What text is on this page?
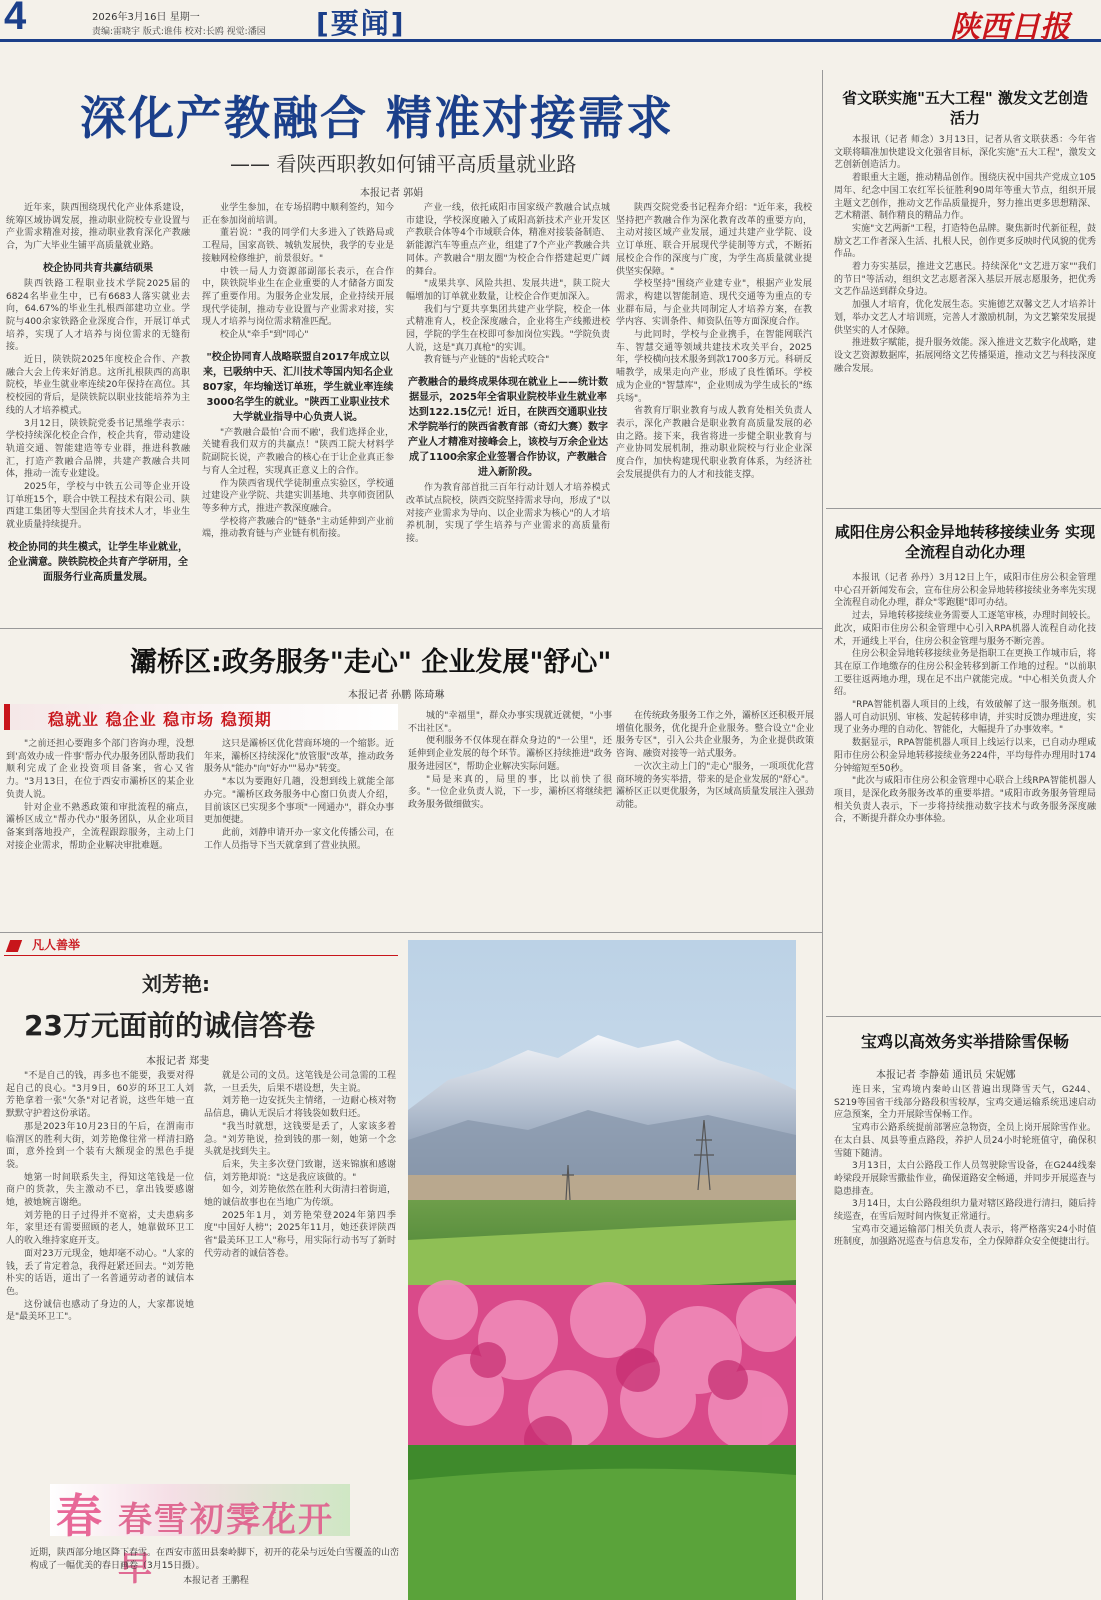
4	2026年3月16日 星期一
责编:雷晓宇 版式:谁伟 校对:长鸥 视觉:潘园 [要闻]	陕西日报
深化产教融合 精准对接需求
—— 看陕西职教如何铺平高质量就业路
本报记者 郭娟

近年来，陕西围绕现代化产业体系建设，统筹区域协调发展，推动职业院校专业设置与产业需求精准对接，推动职业教育深化产教融合，为广大毕业生铺平高质量就业路。

校企协同共育共赢结硕果

陕西铁路工程职业技术学院2025届的6824名毕业生中，已有6683人落实就业去向，64.67%的毕业生扎根西部建功立业。学院与400余家铁路企业深度合作，开展订单式培养，实现了人才培养与岗位需求的无缝衔接。

近日，陕铁院2025年度校企合作、产教融合大会上传来好消息。这所扎根陕西的高职院校，毕业生就业率连续20年保持在高位。其校校园的背后，是陕铁院以职业技能培养为主线的人才培养模式。

3月12日，陕铁院党委书记黑维学表示：学校持续深化校企合作，校企共育，带动建设轨道交通、智能建造等专业群，推进科教融汇，打造产教融合品牌，共建产教融合共同体，推动一流专业建设。

2025年，学校与中铁五公司等企业开设订单班15个，联合中铁工程技术有限公司、陕西建工集团等大型国企共育技术人才，毕业生就业质量持续提升。

校企协同的共生模式，让学生毕业就业，企业满意。陕铁院校企共育产学研用，全面服务行业高质量发展。

业学生参加，在专场招聘中顺利签约，知今正在参加岗前培训。

董岩说："我的同学们大多进入了铁路局或工程局，国家高铁、城轨发展快，我学的专业是接触网检修维护，前景很好。"

中铁一局人力资源部副部长表示，在合作中，陕铁院毕业生在企业重要的人才储备方面发挥了重要作用。为服务企业发展，企业持续开展现代学徒制，推动专业设置与产业需求对接，实现人才培养与岗位需求精准匹配。

校企从"牵手"到"同心"

"校企协同育人战略联盟自2017年成立以来，已吸纳中天、汇川技术等国内知名企业807家，年均输送订单班，学生就业率连续3000名学生的就业。"陕西工业职业技术大学就业指导中心负责人说。

"产教融合最怕'合而不融'，我们选择企业，关键看我们双方的共赢点！"陕西工院大材料学院副院长说，产教融合的核心在于让企业真正参与育人全过程，实现真正意义上的合作。

作为陕西省现代学徒制重点实验区，学校通过建设产业学院、共建实训基地、共享师资团队等多种方式，推进产教深度融合。

学校将产教融合的"链条"主动延伸到产业前端，推动教育链与产业链有机衔接。

产业一线，依托咸阳市国家级产教融合试点城市建设，学校深度融入了咸阳高新技术产业开发区产教联合体等4个市域联合体，精准对接装备制造、新能源汽车等重点产业，组建了7个产业产教融合共同体。产教融合"朋友圈"为校企合作搭建起更广阔的舞台。

"成果共享、风险共担、发展共进"，陕工院大幅增加的订单就业数量，让校企合作更加深入。

我们与宁夏共享集团共建产业学院，校企一体式精准育人，校企深度融合，企业将生产线搬进校园，学院的学生在校即可参加岗位实践。"学院负责人说，这是"真刀真枪"的实训。

教育链与产业链的"齿轮式咬合"

产教融合的最终成果体现在就业上——统计数据显示，2025年全省职业院校毕业生就业率达到122.15亿元！近日，在陕西交通职业技术学院举行的陕西省教育部（奇幻大赛）数字产业人才精准对接峰会上，该校与万余企业达成了1100余家企业签署合作协议，产教融合进入新阶段。

作为教育部首批三百年行动计划人才培养模式改革试点院校，陕西交院坚持需求导向，形成了"以对接产业需求为导向、以企业需求为核心"的人才培养机制，实现了学生培养与产业需求的高质量衔接。

陕西交院党委书记程奔介绍："近年来，我校坚持把产教融合作为深化教育改革的重要方向，主动对接区域产业发展，通过共建产业学院、设立订单班、联合开展现代学徒制等方式，不断拓展校企合作的深度与广度，为学生高质量就业提供坚实保障。"

学校坚持"围绕产业建专业"，根据产业发展需求，构建以智能制造、现代交通等为重点的专业群布局，与企业共同制定人才培养方案，在教学内容、实训条件、师资队伍等方面深度合作。

与此同时，学校与企业携手，在智能网联汽车、智慧交通等领域共建技术攻关平台，2025年，学校横向技术服务到款1700多万元。科研反哺教学，成果走向产业，形成了良性循环。学校成为企业的"智慧库"，企业则成为学生成长的"练兵场"。

省教育厅职业教育与成人教育处相关负责人表示，深化产教融合是职业教育高质量发展的必由之路。接下来，我省将进一步健全职业教育与产业协同发展机制，推动职业院校与行业企业深度合作，加快构建现代职业教育体系，为经济社会发展提供有力的人才和技能支撑。

省文联实施"五大工程" 激发文艺创造活力

本报讯（记者 师念）3月13日，记者从省文联获悉：今年省文联将瞄准加快建设文化强省目标，深化实施"五大工程"，激发文艺创新创造活力。

着眼重大主题，推动精品创作。围绕庆祝中国共产党成立105周年、纪念中国工农红军长征胜利90周年等重大节点，组织开展主题文艺创作，推动文艺作品质量提升，努力推出更多思想精深、艺术精湛、制作精良的精品力作。

实施"文艺两新"工程，打造特色品牌。聚焦新时代新征程，鼓励文艺工作者深入生活、扎根人民，创作更多反映时代风貌的优秀作品。

着力夯实基层，推进文艺惠民。持续深化"文艺进万家""我们的节日"等活动，组织文艺志愿者深入基层开展志愿服务，把优秀文艺作品送到群众身边。

加强人才培育，优化发展生态。实施德艺双馨文艺人才培养计划，举办文艺人才培训班，完善人才激励机制，为文艺繁荣发展提供坚实的人才保障。

推进数字赋能，提升服务效能。深入推进文艺数字化战略，建设文艺资源数据库，拓展网络文艺传播渠道，推动文艺与科技深度融合发展。

咸阳住房公积金异地转移接续业务 实现全流程自动化办理

本报讯（记者 孙丹）3月12日上午，咸阳市住房公积金管理中心召开新闻发布会，宣布住房公积金异地转移接续业务率先实现全流程自动化办理，群众"零跑腿"即可办结。

过去，异地转移接续业务需要人工逐笔审核，办理时间较长。此次，咸阳市住房公积金管理中心引入RPA机器人流程自动化技术，开通线上平台，住房公积金管理与服务不断完善。

住房公积金异地转移接续业务是指职工在更换工作城市后，将其在原工作地缴存的住房公积金转移到新工作地的过程。"以前职工要往返两地办理，现在足不出户就能完成。"中心相关负责人介绍。

"RPA智能机器人项目的上线，有效破解了这一服务瓶颈。机器人可自动识别、审核、发起转移申请，并实时反馈办理进度，实现了业务办理的自动化、智能化，大幅提升了办事效率。"

数据显示，RPA智能机器人项目上线运行以来，已自动办理咸阳市住房公积金异地转移接续业务224件，平均每件办理用时174分钟缩短至50秒。

"此次与咸阳市住房公积金管理中心联合上线RPA智能机器人项目，是深化政务服务改革的重要举措。"咸阳市政务服务管理局相关负责人表示，下一步将持续推动数字技术与政务服务深度融合，不断提升群众办事体验。

宝鸡以高效务实举措除雪保畅
本报记者 李静茹 通讯员 宋妮娜

连日来，宝鸡境内秦岭山区普遍出现降雪天气，G244、S219等国省干线部分路段积雪较厚，宝鸡交通运输系统迅速启动应急预案，全力开展除雪保畅工作。

宝鸡市公路系统提前部署应急物资，全员上岗开展除雪作业。在太白县、凤县等重点路段，养护人员24小时轮班值守，确保积雪随下随清。

3月13日，太白公路段工作人员驾驶除雪设备，在G244线秦岭梁段开展除雪撒盐作业，确保道路安全畅通，并同步开展巡查与隐患排查。

3月14日，太白公路段组织力量对辖区路段进行清扫，随后持续巡查，在雪后短时间内恢复正常通行。

宝鸡市交通运输部门相关负责人表示，将严格落实24小时值班制度，加强路况巡查与信息发布，全力保障群众安全便捷出行。

灞桥区:政务服务"走心" 企业发展"舒心"
本报记者 孙鹏 陈琦琳
稳就业 稳企业 稳市场 稳预期

"之前还担心要跑多个部门咨询办理，没想到'高效办成一件事'帮办代办服务团队帮助我们顺利完成了企业投资项目备案，省心又省力。"3月13日，在位于西安市灞桥区的某企业负责人说。

针对企业不熟悉政策和审批流程的痛点，灞桥区成立"帮办代办"服务团队，从企业项目备案到落地投产，全流程跟踪服务，主动上门对接企业需求，帮助企业解决审批难题。

这只是灞桥区优化营商环境的一个缩影。近年来，灞桥区持续深化"放管服"改革，推动政务服务从"能办"向"好办""易办"转变。

"本以为要跑好几趟，没想到线上就能全部办完。"灞桥区政务服务中心窗口负责人介绍，目前该区已实现多个事项"一网通办"，群众办事更加便捷。

此前，刘静申请开办一家文化传播公司，在工作人员指导下当天就拿到了营业执照。

城的"幸福里"，群众办事实现就近就便，"小事不出社区"。

便利服务不仅体现在群众身边的"一公里"，还延伸到企业发展的每个环节。灞桥区持续推进"政务服务进园区"，帮助企业解决实际问题。

"局是来真的，局里的事，比以前快了很多。"一位企业负责人说，下一步，灞桥区将继续把政务服务做细做实。

在传统政务服务工作之外，灞桥区还积极开展增值化服务，优化提升企业服务。整合设立"企业服务专区"，引入公共企业服务，为企业提供政策咨询、融资对接等一站式服务。

一次次主动上门的"走心"服务，一项项优化营商环境的务实举措，带来的是企业发展的"舒心"。灞桥区正以更优服务，为区域高质量发展注入强劲动能。

凡人善举
刘芳艳:
23万元面前的诚信答卷
本报记者 郑斐

"不是自己的钱，再多也不能要，我要对得起自己的良心。"3月9日，60岁的环卫工人刘芳艳拿着一张"欠条"对记者说，这些年她一直默默守护着这份承诺。

那是2023年10月23日的午后，在渭南市临渭区的胜利大街，刘芳艳像往常一样清扫路面，意外捡到一个装有大额现金的黑色手提袋。

她第一时间联系失主，得知这笔钱是一位商户的货款，失主激动不已，拿出钱要感谢她，被她婉言谢绝。

刘芳艳的日子过得并不宽裕，丈夫患病多年，家里还有需要照顾的老人，她靠做环卫工人的收入维持家庭开支。

面对23万元现金，她却毫不动心。"人家的钱，丢了肯定着急，我得赶紧还回去。"刘芳艳朴实的话语，道出了一名普通劳动者的诚信本色。

这份诚信也感动了身边的人，大家都说她是"最美环卫工"。

就是公司的文员。这笔钱是公司急需的工程款，一旦丢失，后果不堪设想，失主说。

刘芳艳一边安抚失主情绪，一边耐心核对物品信息，确认无误后才将钱袋如数归还。

"我当时就想，这钱要是丢了，人家该多着急。"刘芳艳说，捡到钱的那一刻，她第一个念头就是找到失主。

后来，失主多次登门致谢，送来锦旗和感谢信，刘芳艳却说："这是我应该做的。"

如今，刘芳艳依然在胜利大街清扫着街道，她的诚信故事也在当地广为传颂。

2025年1月，刘芳艳荣登2024年第四季度"中国好人榜"；2025年11月，她还获评陕西省"最美环卫工人"称号，用实际行动书写了新时代劳动者的诚信答卷。

春 春雪初霁花开早
近期，陕西部分地区降下春雪。在西安市蓝田县秦岭脚下，初开的花朵与远处白雪覆盖的山峦构成了一幅优美的春日画卷（3月15日摄）。
本报记者 王鹏程
